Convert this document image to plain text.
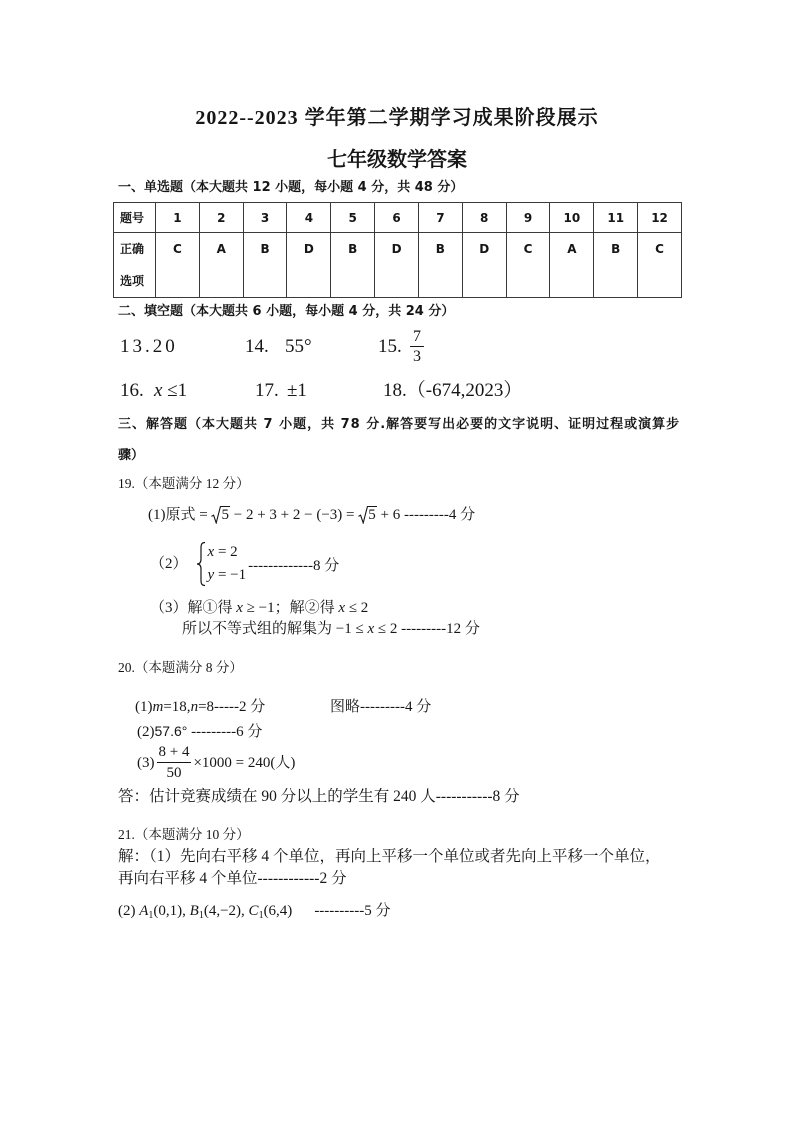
2022--2023 学年第二学期学习成果阶段展示
七年级数学答案
一、单选题（本大题共 12 小题，每小题 4 分，共 48 分）
题号	1	2	3	4	5	6	7	8	9	10	11	12

正确
选项	C	A	B	D	B	D	B	D	C	A	B	C
二、填空题（本大题共 6 小题，每小题 4 分，共 24 分）
13.20	14. 55°	15. $\frac{7}{3}$
16. x ≤1	17. ±1	18.（-674,2023）
三、解答题（本大题共 7 小题，共 78 分.解答要写出必要的文字说明、证明过程或演算步
骤）
19.（本题满分 12 分）
(1)原式 =
5 − 2 + 3 + 2 − (−3) =
5 + 6 ---------4 分
（2）
x = 2
y = −1
-------------8 分
（3）解①得 x ≥ −1；解②得 x ≤ 2
所以不等式组的解集为 −1 ≤ x ≤ 2 ---------12 分
20.（本题满分 8 分）
(1)m=18,n=8-----2 分	图略---------4 分
(2)57.6° ---------6 分
$(3) \frac{8 + 4}{50} \times 1000 = 240$(人)
答：估计竞赛成绩在 90 分以上的学生有 240 人-----------8 分
21.（本题满分 10 分）
解：（1）先向右平移 4 个单位，再向上平移一个单位或者先向上平移一个单位，
再向右平移 4 个单位------------2 分
(2) $A_1(0,1)$, $B_1(4,-2)$, $C_1(6,4)$ ----------5 分
